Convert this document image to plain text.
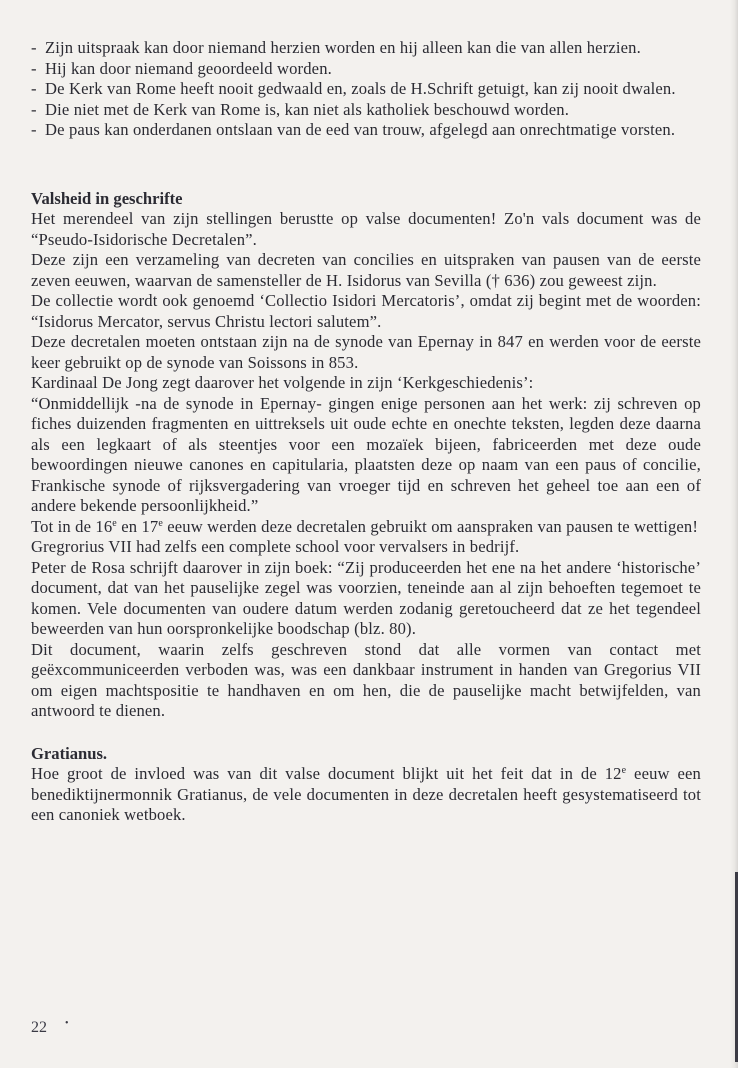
- Zijn uitspraak kan door niemand herzien worden en hij alleen kan die van allen herzien.
- Hij kan door niemand geoordeeld worden.
- De Kerk van Rome heeft nooit gedwaald en, zoals de H.Schrift getuigt, kan zij nooit dwalen.
- Die niet met de Kerk van Rome is, kan niet als katholiek beschouwd worden.
- De paus kan onderdanen ontslaan van de eed van trouw, afgelegd aan onrechtmatige vorsten.
Valsheid in geschrifte

Het merendeel van zijn stellingen berustte op valse documenten! Zo'n vals document was de “Pseudo-Isidorische Decretalen”.

Deze zijn een verzameling van decreten van concilies en uitspraken van pausen van de eerste zeven eeuwen, waarvan de samensteller de H. Isidorus van Sevilla († 636) zou geweest zijn.

De collectie wordt ook genoemd ‘Collectio Isidori Mercatoris’, omdat zij begint met de woorden: “Isidorus Mercator, servus Christu lectori salutem”.

Deze decretalen moeten ontstaan zijn na de synode van Epernay in 847 en werden voor de eerste keer gebruikt op de synode van Soissons in 853.

Kardinaal De Jong zegt daarover het volgende in zijn ‘Kerkgeschiedenis’:

“Onmiddellijk -na de synode in Epernay- gingen enige personen aan het werk: zij schreven op fiches duizenden fragmenten en uittreksels uit oude echte en onechte teksten, legden deze daarna als een legkaart of als steentjes voor een mozaïek bijeen, fabriceerden met deze oude bewoordingen nieuwe canones en capitularia, plaatsten deze op naam van een paus of concilie, Frankische synode of rijksvergadering van vroeger tijd en schreven het geheel toe aan een of andere bekende persoonlijkheid.”

Tot in de 16e en 17e eeuw werden deze decretalen gebruikt om aanspraken van pausen te wettigen!

Gregrorius VII had zelfs een complete school voor vervalsers in bedrijf.

Peter de Rosa schrijft daarover in zijn boek: “Zij produceerden het ene na het andere ‘historische’ document, dat van het pauselijke zegel was voorzien, teneinde aan al zijn behoeften tegemoet te komen. Vele documenten van oudere datum werden zodanig geretoucheerd dat ze het tegendeel beweerden van hun oorspronkelijke boodschap (blz. 80).

Dit document, waarin zelfs geschreven stond dat alle vormen van contact met geëxcommuniceerden verboden was, was een dankbaar instrument in handen van Gregorius VII om eigen machtspositie te handhaven en om hen, die de pauselijke macht betwijfelden, van antwoord te dienen.

Gratianus.

Hoe groot de invloed was van dit valse document blijkt uit het feit dat in de 12e eeuw een benediktijnermonnik Gratianus, de vele documenten in deze decretalen heeft gesystematiseerd tot een canoniek wetboek.

22 •
